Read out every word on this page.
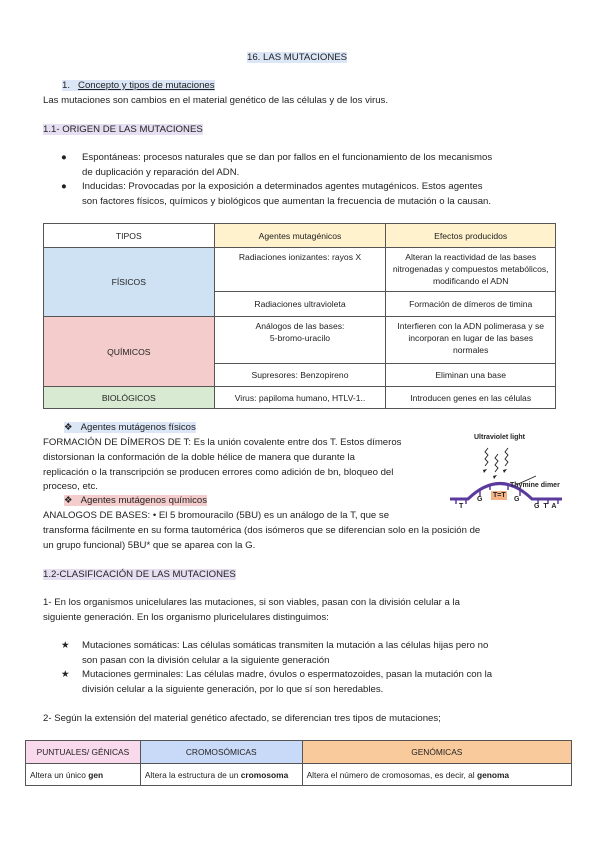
16. LAS MUTACIONES
1. Concepto y tipos de mutaciones
Las mutaciones son cambios en el material genético de las células y de los virus.
1.1- ORIGEN DE LAS MUTACIONES
● Espontáneas: procesos naturales que se dan por fallos en el funcionamiento de los mecanismos
de duplicación y reparación del ADN.
● Inducidas: Provocadas por la exposición a determinados agentes mutagénicos. Estos agentes
son factores físicos, químicos y biológicos que aumentan la frecuencia de mutación o la causan.
TIPOS	Agentes mutagénicos	Efectos producidos
FÍSICOS	Radiaciones ionizantes: rayos X	Alteran la reactividad de las bases nitrogenadas y compuestos metabólicos, modificando el ADN
	Radiaciones ultravioleta	Formación de dímeros de timina
QUÍMICOS	Análogos de las bases: 5-bromo-uracilo	Interfieren con la ADN polimerasa y se incorporan en lugar de las bases normales
	Supresores: Benzopireno	Eliminan una base
BIOLÓGICOS	Virus: papiloma humano, HTLV-1..	Introducen genes en las células
❖ Agentes mutágenos físicos
FORMACIÓN DE DÍMEROS DE T: Es la unión covalente entre dos T. Estos dímeros
distorsionan la conformación de la doble hélice de manera que durante la
replicación o la transcripción se producen errores como adición de bn, bloqueo del
proceso, etc.
❖ Agentes mutágenos químicos
ANALOGOS DE BASES: • El 5 bromouracilo (5BU) es un análogo de la T, que se
transforma fácilmente en su forma tautomérica (dos isómeros que se diferencian solo en la posición de
un grupo funcional) 5BU* que se aparea con la G.
Ultraviolet light
Thymine dimer
T=T
T
G	G
G T A
1.2-CLASIFICACIÓN DE LAS MUTACIONES
1- En los organismos unicelulares las mutaciones, si son viables, pasan con la división celular a la
siguiente generación. En los organismo pluricelulares distinguimos:
★ Mutaciones somáticas: Las células somáticas transmiten la mutación a las células hijas pero no
son pasan con la división celular a la siguiente generación
★ Mutaciones germinales: Las células madre, óvulos o espermatozoides, pasan la mutación con la
división celular a la siguiente generación, por lo que sí son heredables.
2- Según la extensión del material genético afectado, se diferencian tres tipos de mutaciones;
PUNTUALES/ GÉNICAS	CROMOSÓMICAS	GENÓMICAS
Altera un único gen	Altera la estructura de un cromosoma	Altera el número de cromosomas, es decir, al genoma
